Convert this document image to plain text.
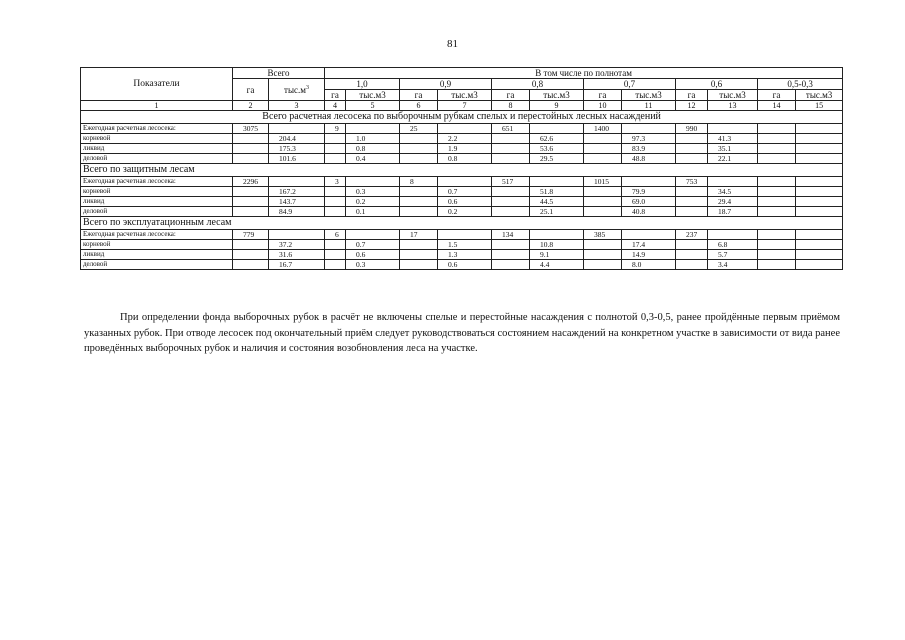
81
Показатели	Всего		В том числе по полнотам											
	га	$тыс.м^3$	1,0		0,9		0,8		0,7		0,6		0,5-0,3	
			га	тыс.м3	га	тыс.м3	га	тыс.м3	га	тыс.м3	га	тыс.м3	га	тыс.м3
1	2	3	4	5	6	7	8	9	10	11	12	13	14	15
Всего расчетная лесосека по выборочным рубкам спелых и перестойных лесных насаждений														
Ежегодная расчетная лесосека:	3075		9		25		651		1400		990			
корневой		204.4		1.0		2.2		62.6		97.3		41.3		
ликвид		175.3		0.8		1.9		53.6		83.9		35.1		
деловой		101.6		0.4		0.8		29.5		48.8		22.1		
Всего по защитным лесам														
Ежегодная расчетная лесосека:	2296		3		8		517		1015		753			
корневой		167.2		0.3		0.7		51.8		79.9		34.5		
ликвид		143.7		0.2		0.6		44.5		69.0		29.4		
деловой		84.9		0.1		0.2		25.1		40.8		18.7		
Всего по эксплуатационным лесам														
Ежегодная расчетная лесосека:	779		6		17		134		385		237			
корневой		37.2		0.7		1.5		10.8		17.4		6.8		
ликвид		31.6		0.6		1.3		9.1		14.9		5.7		
деловой		16.7		0.3		0.6		4.4		8.0		3.4		
При определении фонда выборочных рубок в расчёт не включены спелые и перестойные насаждения с полнотой 0,3-0,5, ранее пройдённые первым приёмом указанных рубок. При отводе лесосек под окончательный приём следует руководствоваться состоянием насаждений на конкретном участке в зависимости от вида ранее проведённых выборочных рубок и наличия и состояния возобновления леса на участке.
